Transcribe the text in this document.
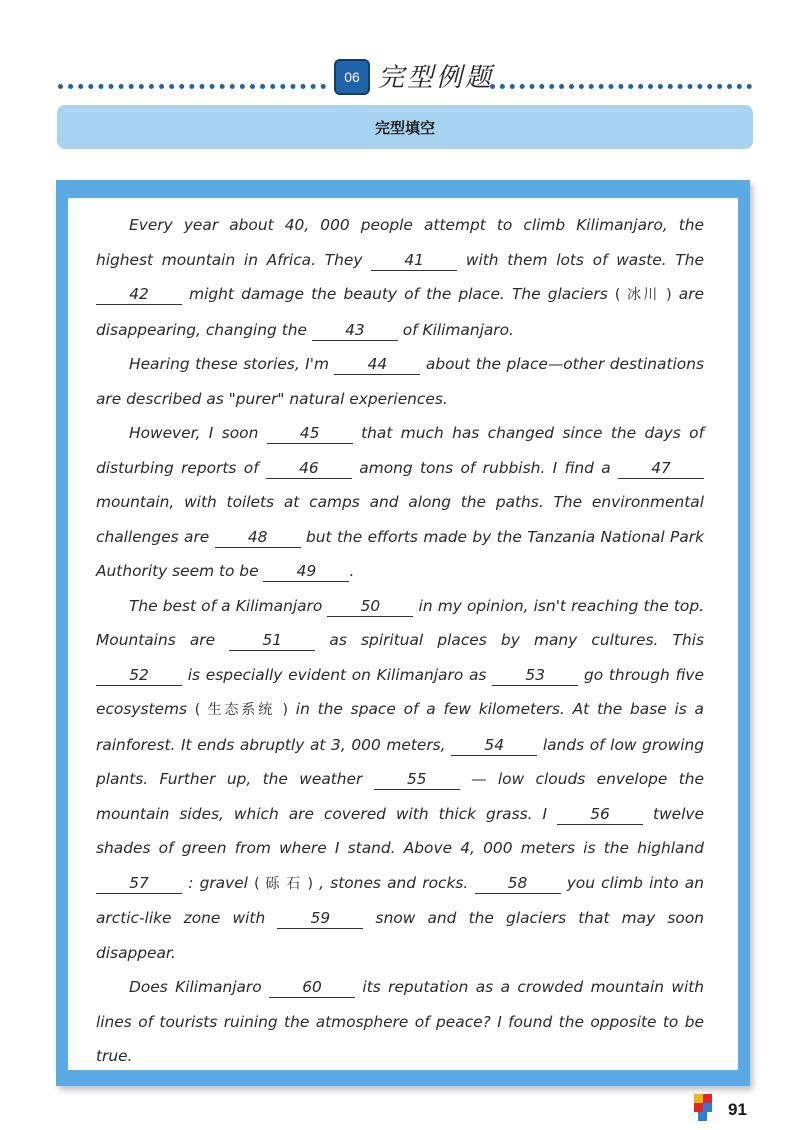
06 完型例题
完型填空

Every year about 40, 000 people attempt to climb Kilimanjaro, the highest mountain in Africa. They 41 with them lots of waste. The42 might damage the beauty of the place. The glaciers ( 冰川 ) are disappearing, changing the 43 of Kilimanjaro.

Hearing these stories, I'm 44 about the place—other destinations are described as "purer" natural experiences.

However, I soon 45 that much has changed since the days of disturbing reports of 46 among tons of rubbish. I find a 47 mountain, with toilets at camps and along the paths. The environmental challenges are 48 but the efforts made by the Tanzania National Park Authority seem to be 49 .

The best of a Kilimanjaro 50 in my opinion, isn't reaching the top. Mountains are 51 as spiritual places by many cultures. This 52 is especially evident on Kilimanjaro as 53 go through five ecosystems ( 生态系统 ) in the space of a few kilometers. At the base is a rainforest. It ends abruptly at 3, 000 meters, 54 lands of low growing plants. Further up, the weather 55 — low clouds envelope the mountain sides, which are covered with thick grass. I 56 twelve shades of green from where I stand. Above 4, 000 meters is the highland 57 : gravel ( 砾 石 ) , stones and rocks. 58 you climb into an arctic-like zone with 59 snow and the glaciers that may soon disappear.

Does Kilimanjaro 60 its reputation as a crowded mountain with lines of tourists ruining the atmosphere of peace? I found the opposite to be true.

91
